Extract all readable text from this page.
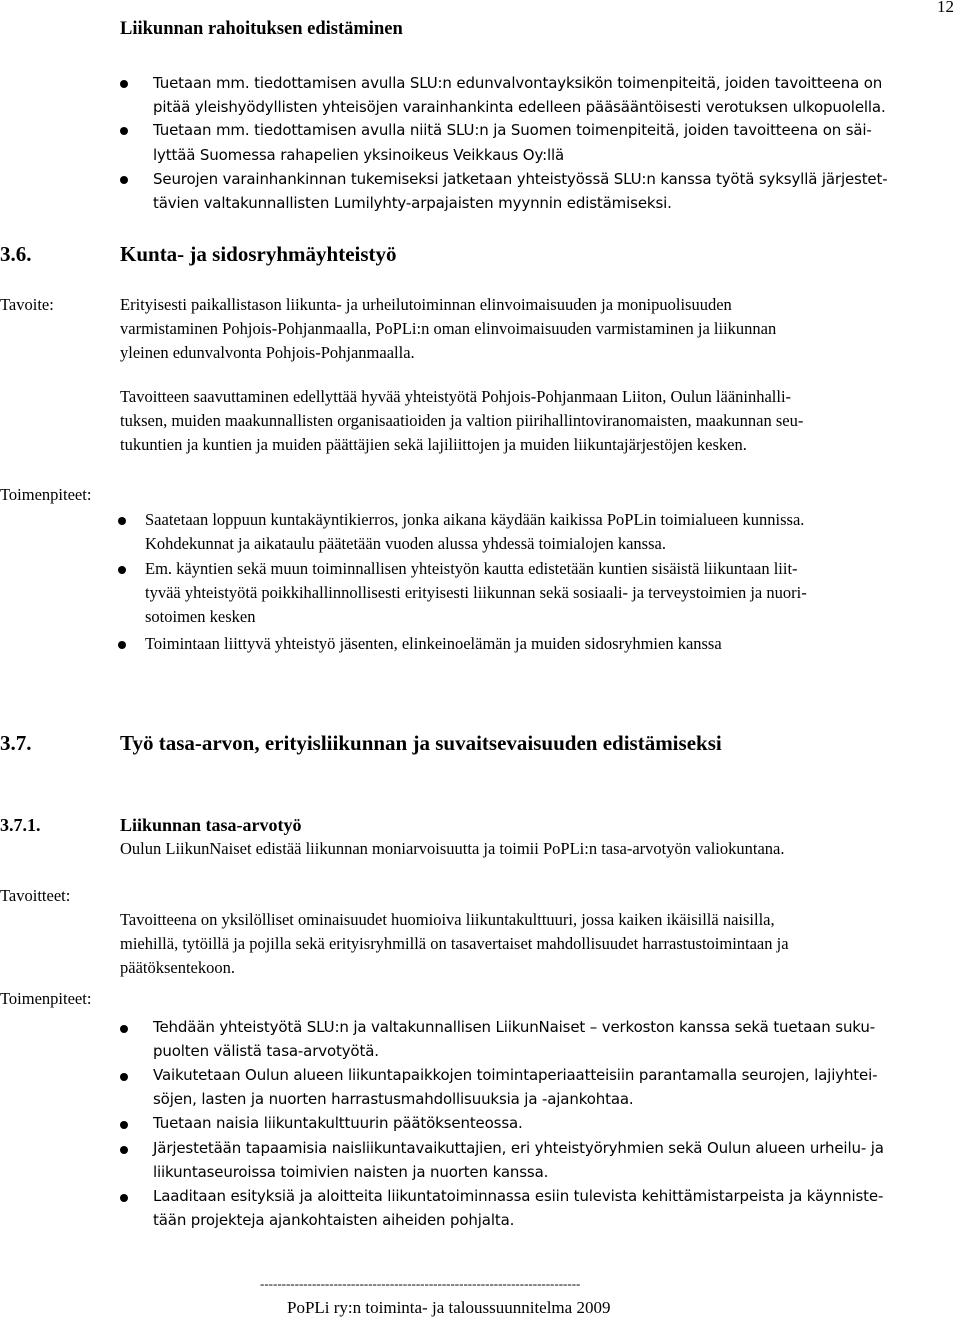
Liikunnan rahoituksen edistäminen

12

Tuetaan mm. tiedottamisen avulla SLU:n edunvalvontayksikön toimenpiteitä, joiden tavoitteena on

pitää yleishyödyllisten yhteisöjen varainhankinta edelleen pääsääntöisesti verotuksen ulkopuolella.

Tuetaan mm. tiedottamisen avulla niitä SLU:n ja Suomen toimenpiteitä, joiden tavoitteena on säi-

lyttää Suomessa rahapelien yksinoikeus Veikkaus Oy:llä

Seurojen varainhankinnan tukemiseksi jatketaan yhteistyössä SLU:n kanssa työtä syksyllä järjestet-

tävien valtakunnallisten Lumilyhty-arpajaisten myynnin edistämiseksi.

3.6.	Kunta- ja sidosryhmäyhteistyö

Tavoite:	Erityisesti paikallistason liikunta- ja urheilutoiminnan elinvoimaisuuden ja monipuolisuuden

varmistaminen Pohjois-Pohjanmaalla, PoPLi:n oman elinvoimaisuuden varmistaminen ja liikunnan

yleinen edunvalvonta Pohjois-Pohjanmaalla.

Tavoitteen saavuttaminen edellyttää hyvää yhteistyötä Pohjois-Pohjanmaan Liiton, Oulun lääninhalli-

tuksen, muiden maakunnallisten organisaatioiden ja valtion piirihallintoviranomaisten, maakunnan seu-

tukuntien ja kuntien ja muiden päättäjien sekä lajiliittojen ja muiden liikuntajärjestöjen kesken.

Toimenpiteet:

Saatetaan loppuun kuntakäyntikierros, jonka aikana käydään kaikissa PoPLin toimialueen kunnissa.

Kohdekunnat ja aikataulu päätetään vuoden alussa yhdessä toimialojen kanssa.

Em. käyntien sekä muun toiminnallisen yhteistyön kautta edistetään kuntien sisäistä liikuntaan liit-

tyvää yhteistyötä poikkihallinnollisesti erityisesti liikunnan sekä sosiaali- ja terveystoimien ja nuori-

sotoimen kesken

Toimintaan liittyvä yhteistyö jäsenten, elinkeinoelämän ja muiden sidosryhmien kanssa

3.7.	Työ tasa-arvon, erityisliikunnan ja suvaitsevaisuuden edistämiseksi

3.7.1.	Liikunnan tasa-arvotyö

Oulun LiikunNaiset edistää liikunnan moniarvoisuutta ja toimii PoPLi:n tasa-arvotyön valiokuntana.

Tavoitteet:

Tavoitteena on yksilölliset ominaisuudet huomioiva liikuntakulttuuri, jossa kaiken ikäisillä naisilla,

miehillä, tytöillä ja pojilla sekä erityisryhmillä on tasavertaiset mahdollisuudet harrastustoimintaan ja

päätöksentekoon.

Toimenpiteet:

Tehdään yhteistyötä SLU:n ja valtakunnallisen LiikunNaiset – verkoston kanssa sekä tuetaan suku-

puolten välistä tasa-arvotyötä.

Vaikutetaan Oulun alueen liikuntapaikkojen toimintaperiaatteisiin parantamalla seurojen, lajiyhtei-

söjen, lasten ja nuorten harrastusmahdollisuuksia ja -ajankohtaa.

Tuetaan naisia liikuntakulttuurin päätöksenteossa.

Järjestetään tapaamisia naisliikuntavaikuttajien, eri yhteistyöryhmien sekä Oulun alueen urheilu- ja

liikuntaseuroissa toimivien naisten ja nuorten kanssa.

Laaditaan esityksiä ja aloitteita liikuntatoiminnassa esiin tulevista kehittämistarpeista ja käynniste-

tään projekteja ajankohtaisten aiheiden pohjalta.

--------------------------------------------------------------------------

PoPLi ry:n toiminta- ja taloussuunnitelma 2009
